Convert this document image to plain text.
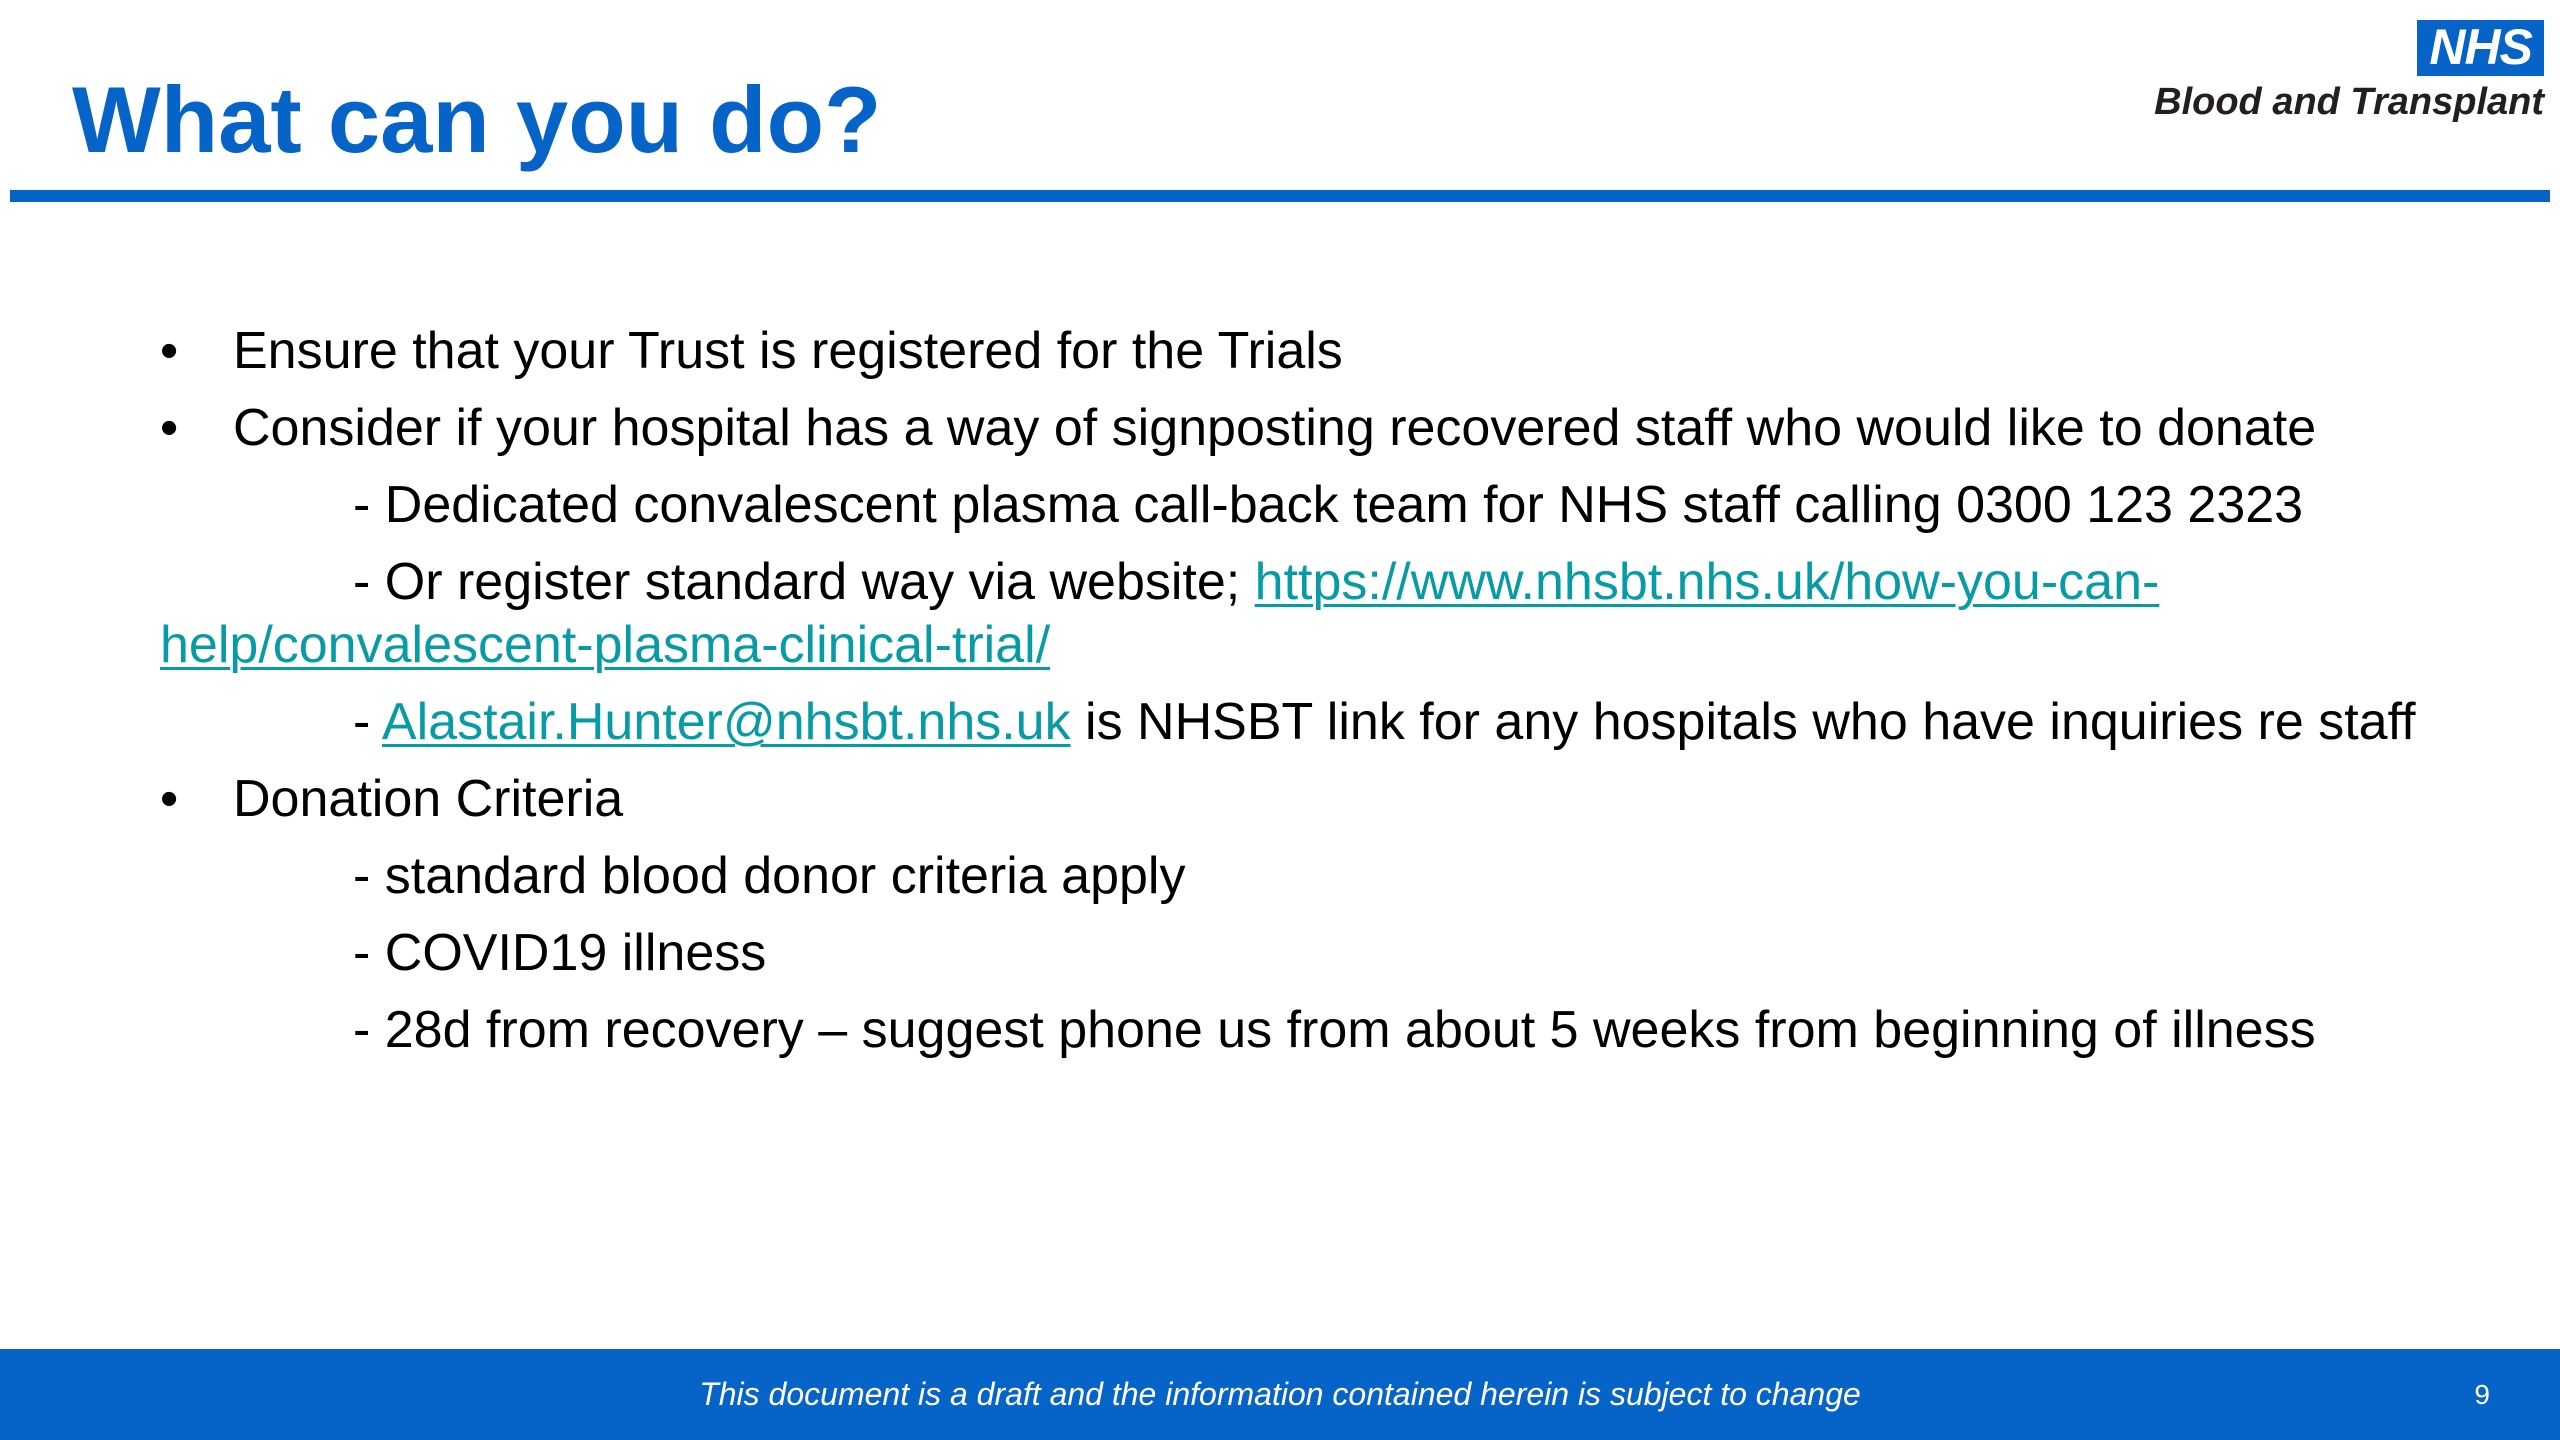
What can you do?
NHS
Blood and Transplant
• Ensure that your Trust is registered for the Trials
• Consider if your hospital has a way of signposting recovered staff who would like to donate
- Dedicated convalescent plasma call-back team for NHS staff calling 0300 123 2323
- Or register standard way via website; https://www.nhsbt.nhs.uk/how-you-can-
help/convalescent-plasma-clinical-trial/
- Alastair.Hunter@nhsbt.nhs.uk is NHSBT link for any hospitals who have inquiries re staff
• Donation Criteria
- standard blood donor criteria apply
- COVID19 illness
- 28d from recovery – suggest phone us from about 5 weeks from beginning of illness
This document is a draft and the information contained herein is subject to change	9
